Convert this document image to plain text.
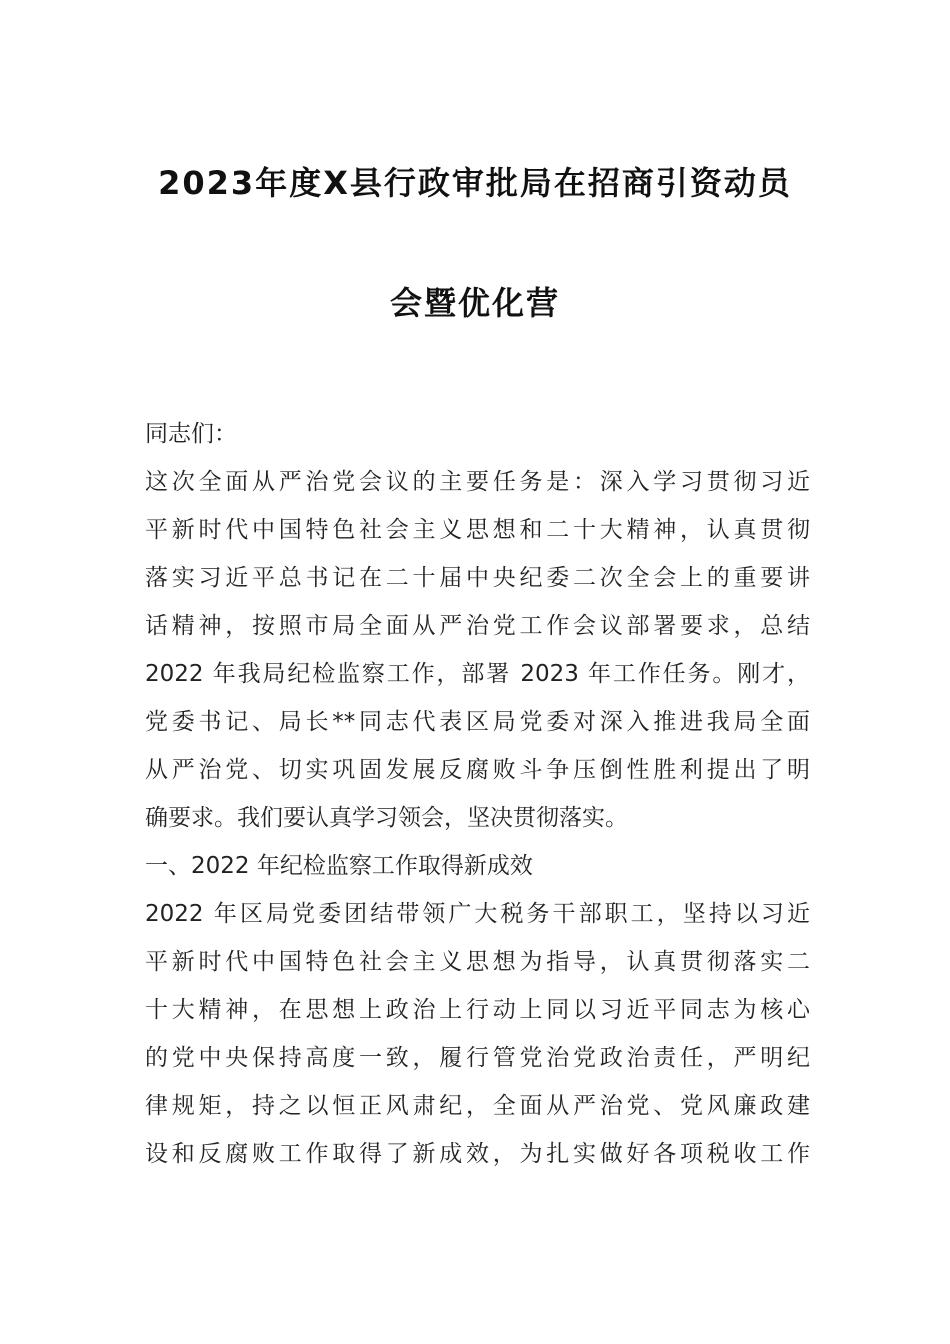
2023年度X县行政审批局在招商引资动员
会暨优化营
同志们：
这次全面从严治党会议的主要任务是：深入学习贯彻习近
平新时代中国特色社会主义思想和二十大精神，认真贯彻
落实习近平总书记在二十届中央纪委二次全会上的重要讲
话精神，按照市局全面从严治党工作会议部署要求，总结
2022 年我局纪检监察工作，部署 2023 年工作任务。刚才，
党委书记、局长**同志代表区局党委对深入推进我局全面
从严治党、切实巩固发展反腐败斗争压倒性胜利提出了明
确要求。我们要认真学习领会，坚决贯彻落实。
一、2022 年纪检监察工作取得新成效
2022 年区局党委团结带领广大税务干部职工，坚持以习近
平新时代中国特色社会主义思想为指导，认真贯彻落实二
十大精神，在思想上政治上行动上同以习近平同志为核心
的党中央保持高度一致，履行管党治党政治责任，严明纪
律规矩，持之以恒正风肃纪，全面从严治党、党风廉政建
设和反腐败工作取得了新成效，为扎实做好各项税收工作
